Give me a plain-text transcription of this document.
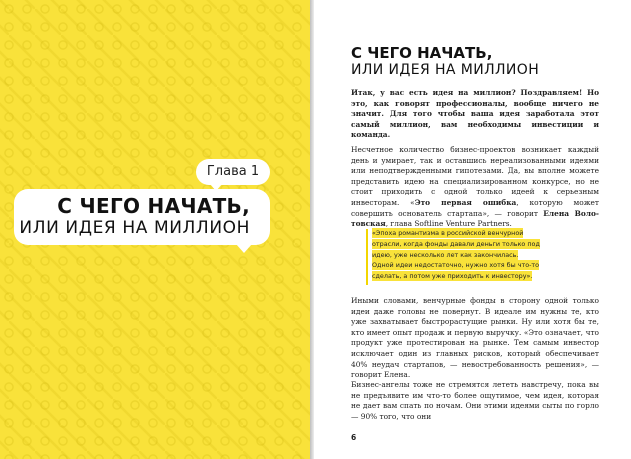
Глава 1
С ЧЕГО НАЧАТЬ,
ИЛИ ИДЕЯ НА МИЛЛИОН
С ЧЕГО НАЧАТЬ,
ИЛИ ИДЕЯ НА МИЛЛИОН

Итак, у вас есть идея на миллион? Поздравляем! Но это, как говорят профессионалы, вообще ничего не значит. Для того чтобы ваша идея заработала этот самый миллион, вам необходимы инвестиции и команда.

Несчетное количество бизнес-проектов возникает каждый день и умирает, так и оставшись нереализованными идеями или неподтвержденными гипотезами. Да, вы вполне можете представить идею на специализированном конкурсе, но не стоит приходить с одной только идеей к серьезным инвесторам. «Это первая ошибка, которую может совершить основатель стартапа», — говорит Елена Волотовская, глава Softline Venture Partners.

«Эпоха романтизма в российской венчурной отрасли, когда фонды давали деньги только под идею, уже несколько лет как закончилась. Одной идеи недостаточно, нужно хотя бы что-то сделать, а потом уже приходить к инвестору».

Иными словами, венчурные фонды в сторону одной только идеи даже головы не повернут. В идеале им нужны те, кто уже захватывает быстрорастущие рынки. Ну или хотя бы те, кто имеет опыт продаж и первую выручку. «Это означает, что продукт уже протестирован на рынке. Тем самым инвестор исключает один из главных рисков, который обеспечивает 40% неудач стартапов, — невостребованность решения», — говорит Елена.

Бизнес-ангелы тоже не стремятся лететь навстречу, пока вы не предъявите им что-то более ощутимое, чем идея, которая не дает вам спать по ночам. Они этими идеями сыты по горло — 90% того, что они

6
